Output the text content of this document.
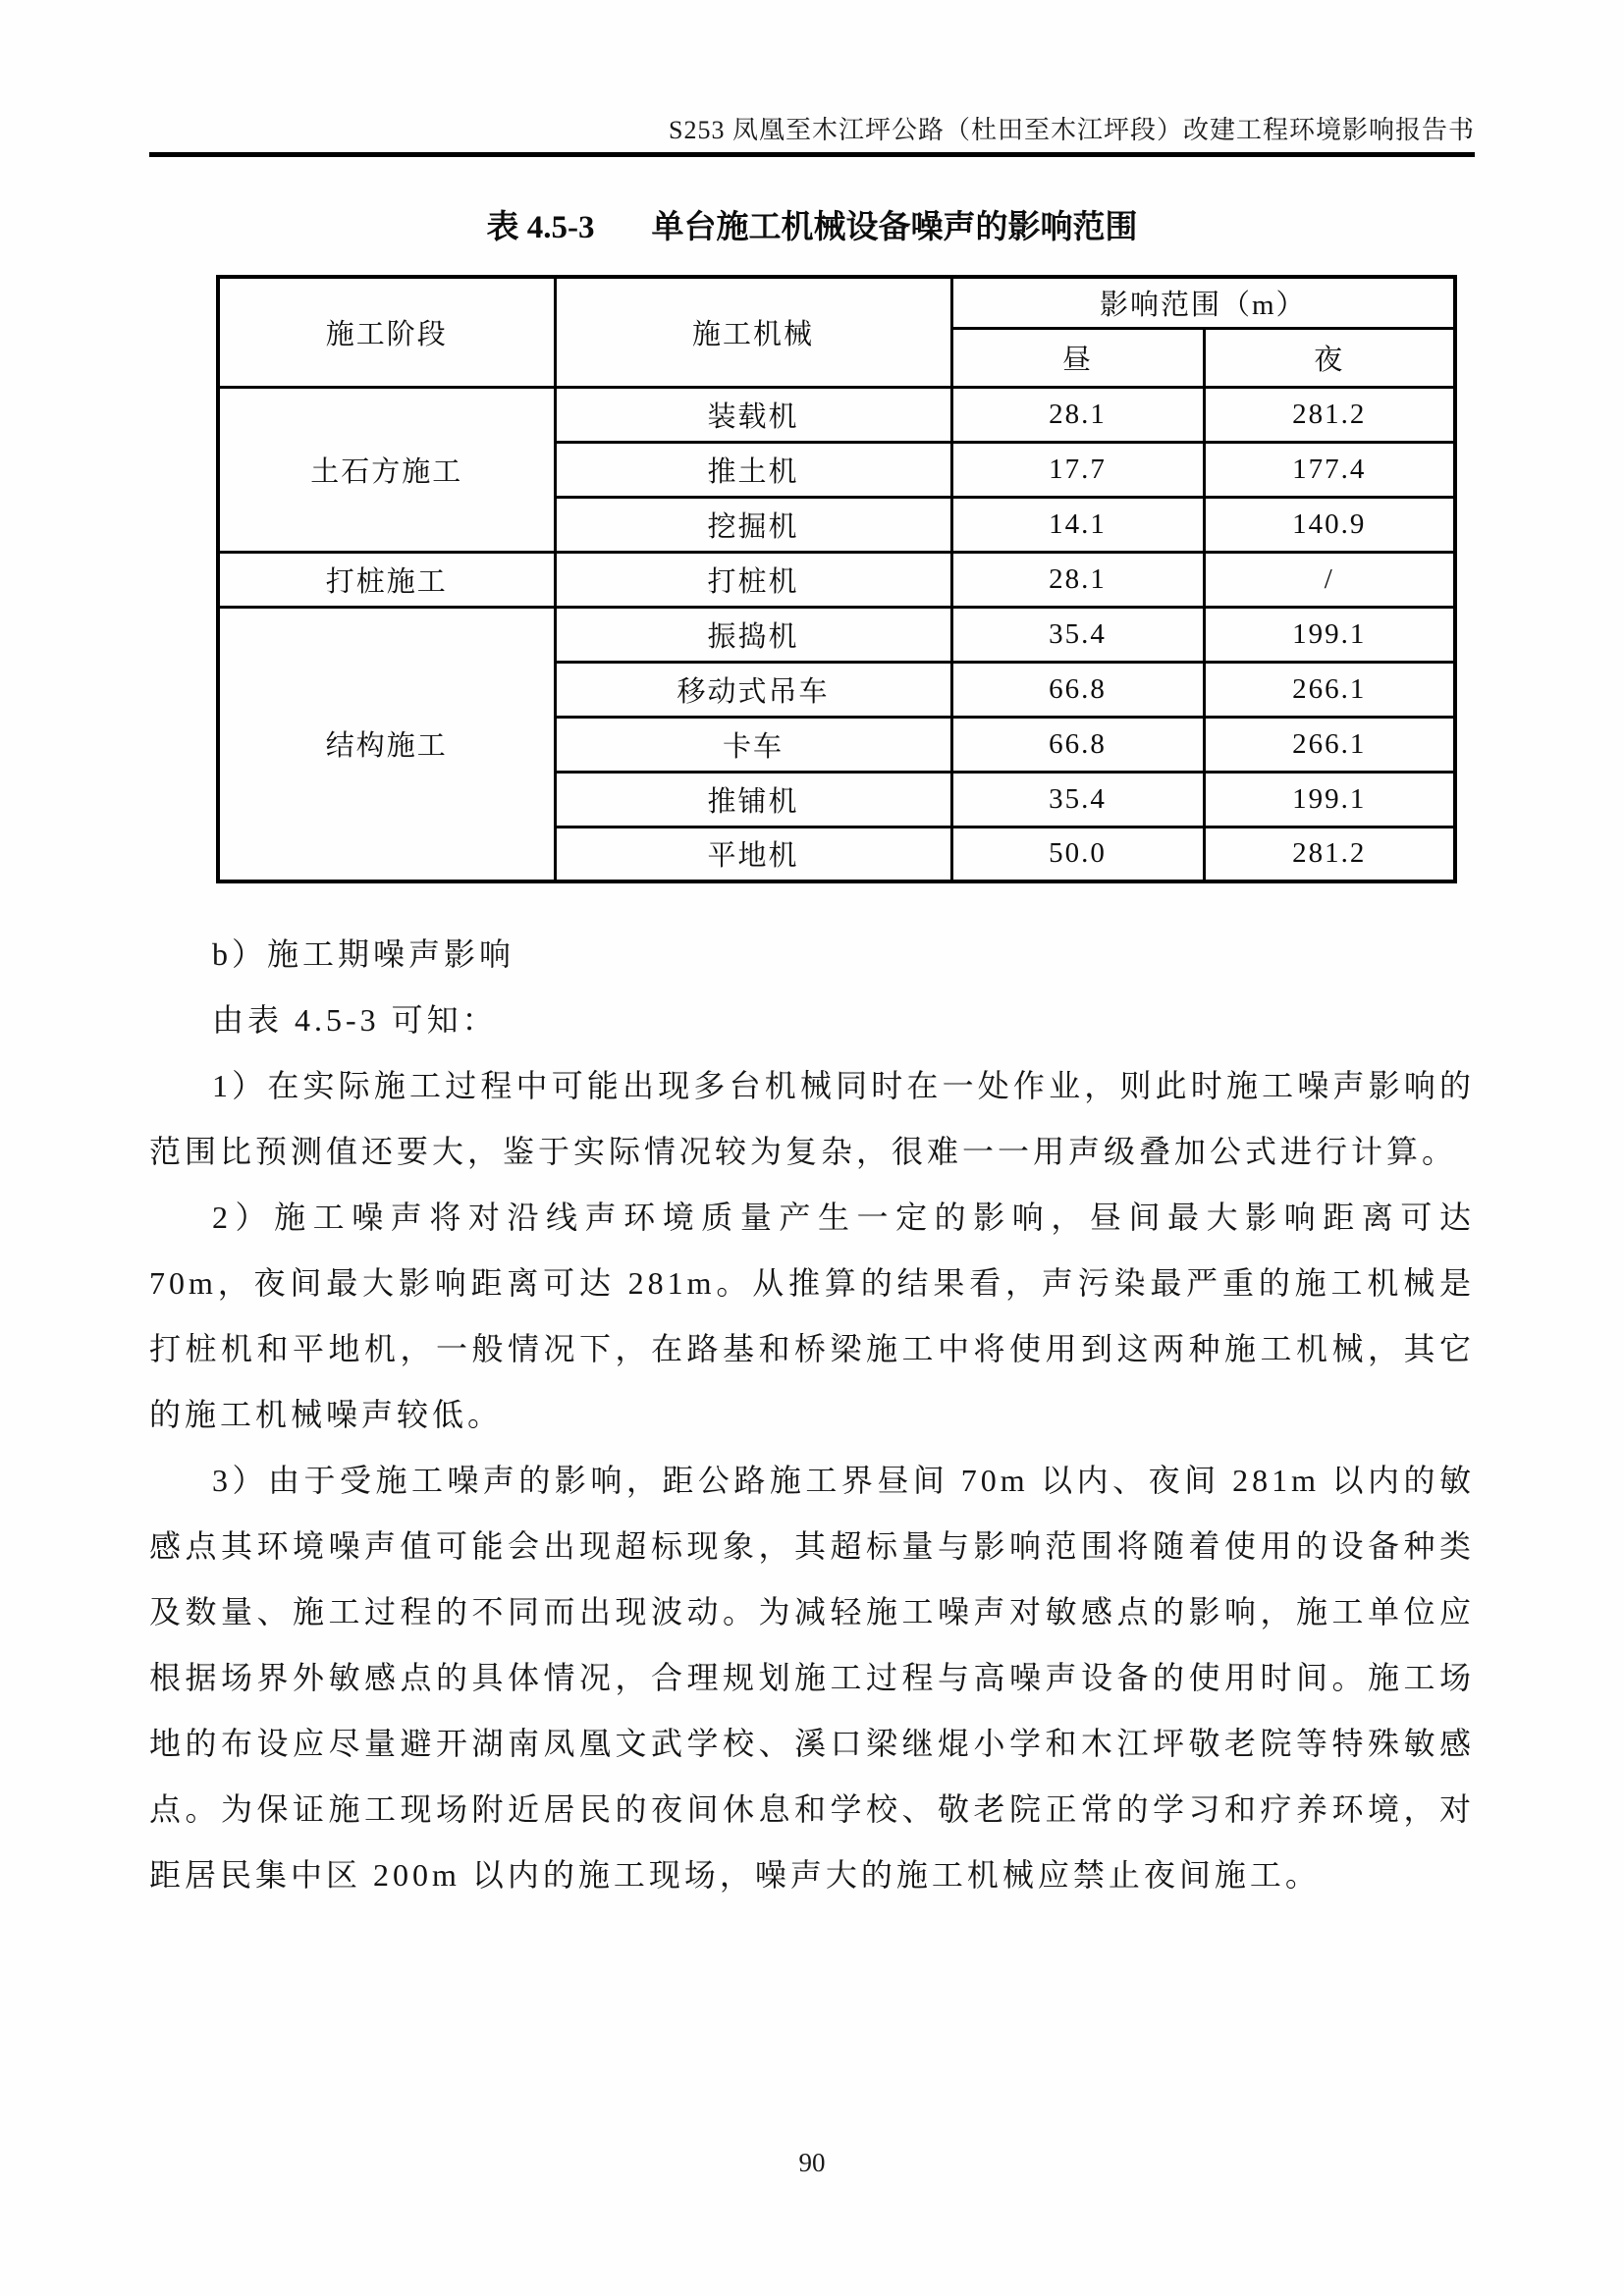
S253 凤凰至木江坪公路（杜田至木江坪段）改建工程环境影响报告书
表 4.5-3 单台施工机械设备噪声的影响范围
施工阶段	施工机械	影响范围（m）	
		昼	夜
土石方施工	装载机	28.1	281.2
	推土机	17.7	177.4
	挖掘机	14.1	140.9
打桩施工	打桩机	28.1	/
结构施工	振捣机	35.4	199.1
	移动式吊车	66.8	266.1
	卡车	66.8	266.1
	推铺机	35.4	199.1
	平地机	50.0	281.2

b）施工期噪声影响

由表 4.5-3 可知：

1）在实际施工过程中可能出现多台机械同时在一处作业，则此时施工噪声影响的范围比预测值还要大，鉴于实际情况较为复杂，很难一一用声级叠加公式进行计算。

2）施工噪声将对沿线声环境质量产生一定的影响，昼间最大影响距离可达 70m，夜间最大影响距离可达 281m。从推算的结果看，声污染最严重的施工机械是打桩机和平地机，一般情况下，在路基和桥梁施工中将使用到这两种施工机械，其它的施工机械噪声较低。

3）由于受施工噪声的影响，距公路施工界昼间 70m 以内、夜间 281m 以内的敏感点其环境噪声值可能会出现超标现象，其超标量与影响范围将随着使用的设备种类及数量、施工过程的不同而出现波动。为减轻施工噪声对敏感点的影响，施工单位应根据场界外敏感点的具体情况，合理规划施工过程与高噪声设备的使用时间。施工场地的布设应尽量避开湖南凤凰文武学校、溪口梁继焜小学和木江坪敬老院等特殊敏感点。为保证施工现场附近居民的夜间休息和学校、敬老院正常的学习和疗养环境，对距居民集中区 200m 以内的施工现场，噪声大的施工机械应禁止夜间施工。

90
